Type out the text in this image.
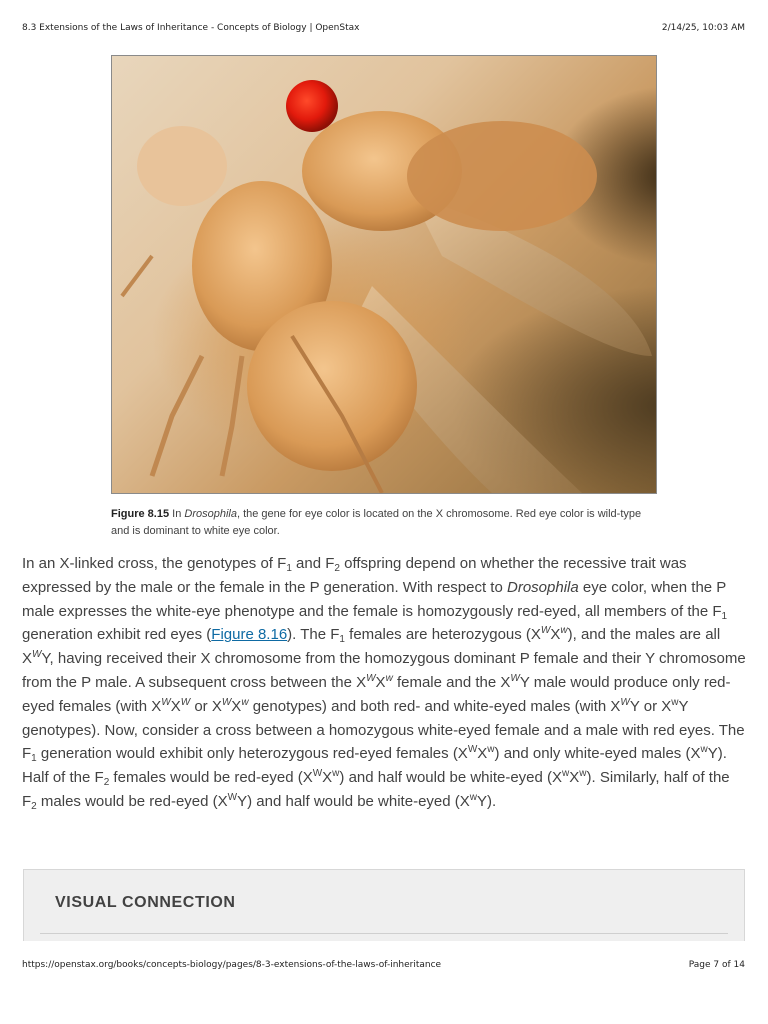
8.3 Extensions of the Laws of Inheritance - Concepts of Biology | OpenStax	2/14/25, 10:03 AM
Figure 8.15 In Drosophila, the gene for eye color is located on the X chromosome. Red eye color is wild-type and is dominant to white eye color.
In an X-linked cross, the genotypes of $F_1$ and $F_2$ offspring depend on whether the recessive trait was expressed by the male or the female in the P generation. With respect to Drosophila eye color, when the P male expresses the white-eye phenotype and the female is homozygously red-eyed, all members of the $F_1$ generation exhibit red eyes (Figure 8.16). The $F_1$ females are heterozygous $(X^WX^w)$, and the males are all $X^WY$, having received their X chromosome from the homozygous dominant P female and their Y chromosome from the P male. A subsequent cross between the $X^WX^w$ female and the $X^WY$ male would produce only red-eyed females (with $X^WX^W$ or $X^WX^w$ genotypes) and both red- and white-eyed males (with $X^WY$ or $X^wY$ genotypes). Now, consider a cross between a homozygous white-eyed female and a male with red eyes. The $F_1$ generation would exhibit only heterozygous red-eyed females $(X^WX^w)$ and only white-eyed males $(X^wY)$. Half of the $F_2$ females would be red-eyed $(X^WX^w)$ and half would be white-eyed $(X^wX^w)$. Similarly, half of the $F_2$ males would be red-eyed $(X^WY)$ and half would be white-eyed $(X^wY)$.
VISUAL CONNECTION
https://openstax.org/books/concepts-biology/pages/8-3-extensions-of-the-laws-of-inheritance	Page 7 of 14
